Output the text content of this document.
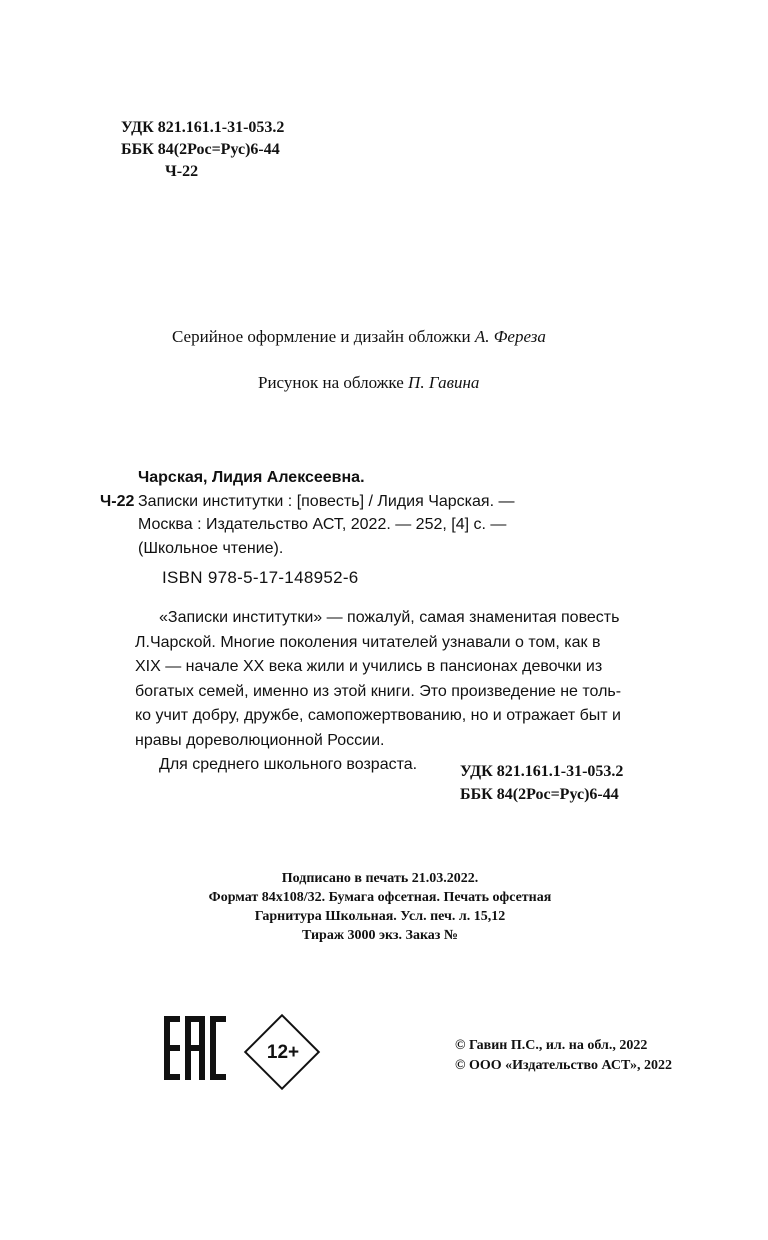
УДК 821.161.1-31-053.2
ББК 84(2Рос=Рус)6-44
Ч-22
Серийное оформление и дизайн обложки А. Фереза
Рисунок на обложке П. Гавина
Чарская, Лидия Алексеевна.
Ч-22 Записки институтки : [повесть] / Лидия Чарская. —
Москва : Издательство АСТ, 2022. — 252, [4] с. —
(Школьное чтение).
ISBN 978-5-17-148952-6

«Записки институтки» — пожалуй, самая знаменитая повесть

Л.Чарской. Многие поколения читателей узнавали о том, как в

XIX — начале XX века жили и учились в пансионах девочки из

богатых семей, именно из этой книги. Это произведение не толь-

ко учит добру, дружбе, самопожертвованию, но и отражает быт и

нравы дореволюционной России.

Для среднего школьного возраста.	УДК 821.161.1-31-053.2
ББК 84(2Рос=Рус)6-44
Подписано в печать 21.03.2022.
Формат 84х108/32. Бумага офсетная. Печать офсетная
Гарнитура Школьная. Усл. печ. л. 15,12
Тираж 3000 экз. Заказ №
12+	© Гавин П.С., ил. на обл., 2022
© ООО «Издательство АСТ», 2022
